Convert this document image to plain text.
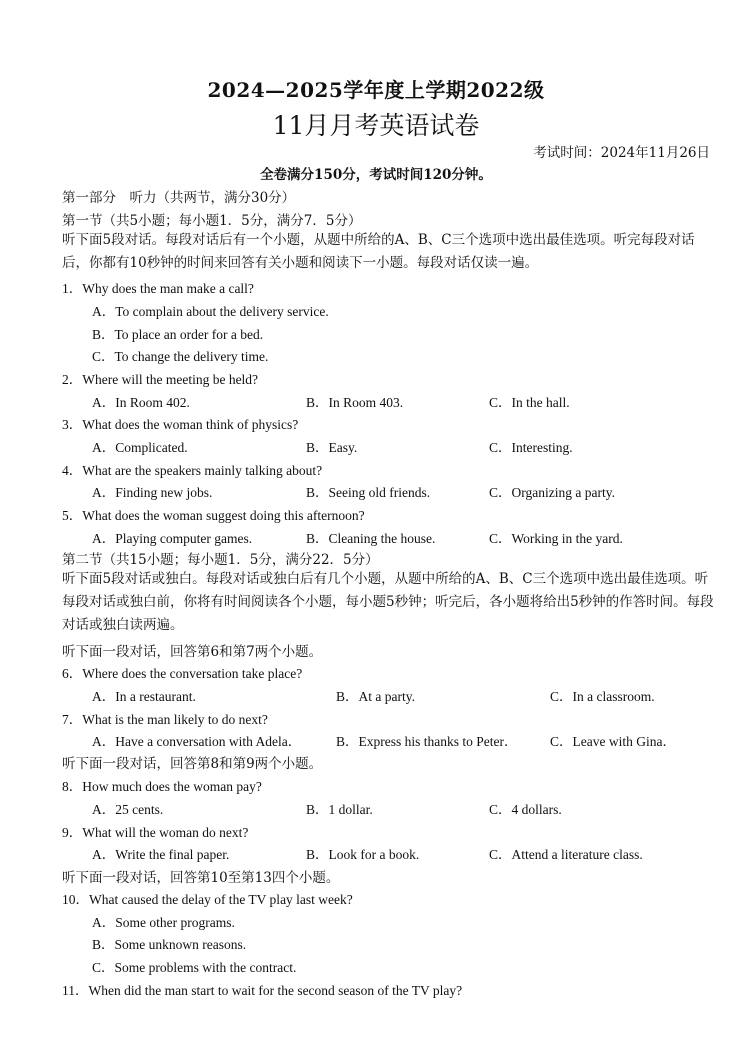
2024—2025学年度上学期2022级
11月月考英语试卷
考试时间：2024年11月26日
全卷满分150分，考试时间120分钟。
第一部分　听力（共两节，满分30分）
第一节（共5小题；每小题1．5分，满分7．5分）
听下面5段对话。每段对话后有一个小题，从题中所给的A、B、C三个选项中选出最佳选项。听完每段对话后，你都有10秒钟的时间来回答有关小题和阅读下一小题。每段对话仅读一遍。
1．Why does the man make a call?
A．To complain about the delivery service.
B．To place an order for a bed.
C．To change the delivery time.
2．Where will the meeting be held?
A．In Room 402.	B．In Room 403.	C．In the hall.
3．What does the woman think of physics?
A．Complicated.	B．Easy.	C．Interesting.
4．What are the speakers mainly talking about?
A．Finding new jobs.	B．Seeing old friends.	C．Organizing a party.
5．What does the woman suggest doing this afternoon?
A．Playing computer games.	B．Cleaning the house.	C．Working in the yard.
第二节（共15小题；每小题1．5分，满分22．5分）
听下面5段对话或独白。每段对话或独白后有几个小题，从题中所给的A、B、C三个选项中选出最佳选项。听每段对话或独白前，你将有时间阅读各个小题，每小题5秒钟；听完后，各小题将给出5秒钟的作答时间。每段对话或独白读两遍。
听下面一段对话，回答第6和第7两个小题。
6．Where does the conversation take place?
A．In a restaurant.	B．At a party.	C．In a classroom.
7．What is the man likely to do next?
A．Have a conversation with Adela．	B．Express his thanks to Peter． C．Leave with Gina．
听下面一段对话，回答第8和第9两个小题。
8．How much does the woman pay?
A．25 cents.	B．1 dollar.	C．4 dollars.
9．What will the woman do next?
A．Write the final paper.	B．Look for a book.	C．Attend a literature class.
听下面一段对话，回答第10至第13四个小题。
10．What caused the delay of the TV play last week?
A．Some other programs.
B．Some unknown reasons.
C．Some problems with the contract.
11．When did the man start to wait for the second season of the TV play?
